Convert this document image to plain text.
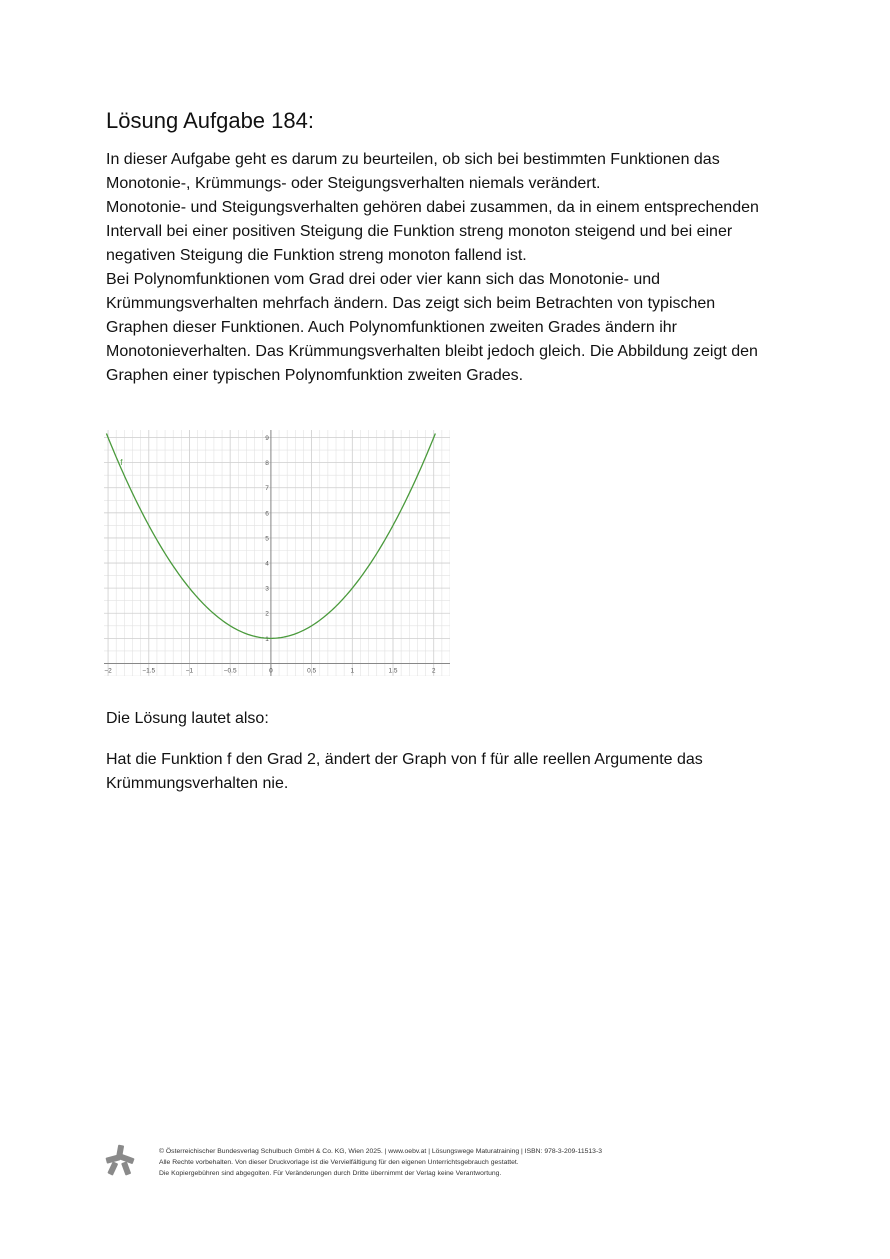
Lösung Aufgabe 184:

In dieser Aufgabe geht es darum zu beurteilen, ob sich bei bestimmten Funktionen das
Monotonie-, Krümmungs- oder Steigungsverhalten niemals verändert.
Monotonie- und Steigungsverhalten gehören dabei zusammen, da in einem entsprechenden
Intervall bei einer positiven Steigung die Funktion streng monoton steigend und bei einer
negativen Steigung die Funktion streng monoton fallend ist.
Bei Polynomfunktionen vom Grad drei oder vier kann sich das Monotonie- und
Krümmungsverhalten mehrfach ändern. Das zeigt sich beim Betrachten von typischen
Graphen dieser Funktionen. Auch Polynomfunktionen zweiten Grades ändern ihr
Monotonieverhalten. Das Krümmungsverhalten bleibt jedoch gleich. Die Abbildung zeigt den
Graphen einer typischen Polynomfunktion zweiten Grades.

−2	−1.5	−1	−0.5	0	0.5	1	1.5	2
1
2
3
4
5
6
7
8
9
f

Die Lösung lautet also:

Hat die Funktion f den Grad 2, ändert der Graph von f für alle reellen Argumente das
Krümmungsverhalten nie.

© Österreichischer Bundesverlag Schulbuch GmbH & Co. KG, Wien 2025. | www.oebv.at | Lösungswege Maturatraining | ISBN: 978-3-209-11513-3
Alle Rechte vorbehalten. Von dieser Druckvorlage ist die Vervielfältigung für den eigenen Unterrichtsgebrauch gestattet.
Die Kopiergebühren sind abgegolten. Für Veränderungen durch Dritte übernimmt der Verlag keine Verantwortung.
